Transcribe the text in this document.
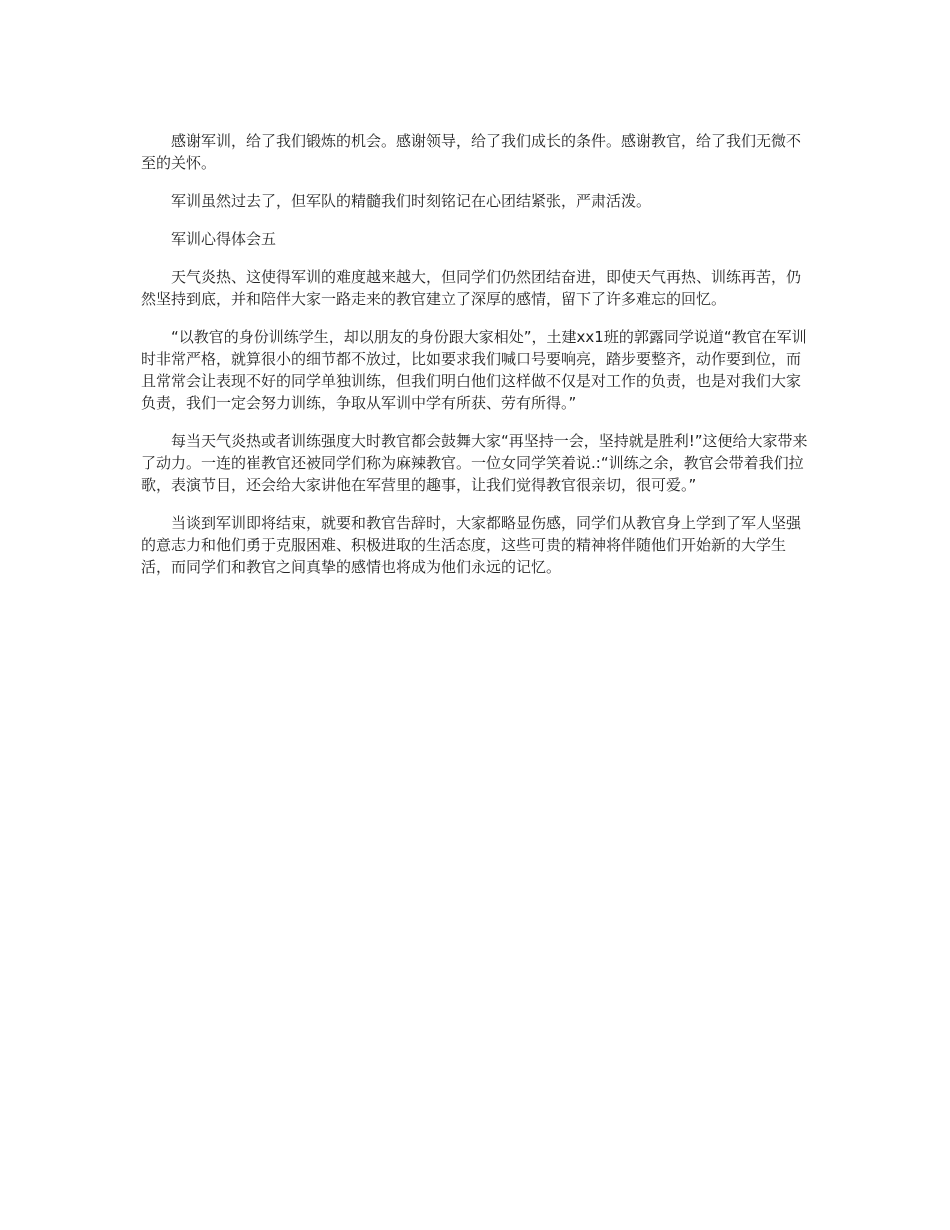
感谢军训，给了我们锻炼的机会。感谢领导，给了我们成长的条件。感谢教官，给了我们无微不至的关怀。

军训虽然过去了，但军队的精髓我们时刻铭记在心团结紧张，严肃活泼。

军训心得体会五

天气炎热、这使得军训的难度越来越大，但同学们仍然团结奋进，即使天气再热、训练再苦，仍然坚持到底，并和陪伴大家一路走来的教官建立了深厚的感情，留下了许多难忘的回忆。

“以教官的身份训练学生，却以朋友的身份跟大家相处”，土建xx1班的郭露同学说道“教官在军训时非常严格，就算很小的细节都不放过，比如要求我们喊口号要响亮，踏步要整齐，动作要到位，而且常常会让表现不好的同学单独训练，但我们明白他们这样做不仅是对工作的负责，也是对我们大家负责，我们一定会努力训练，争取从军训中学有所获、劳有所得。”

每当天气炎热或者训练强度大时教官都会鼓舞大家“再坚持一会，坚持就是胜利!”这便给大家带来了动力。一连的崔教官还被同学们称为麻辣教官。一位女同学笑着说.:“训练之余，教官会带着我们拉歌，表演节目，还会给大家讲他在军营里的趣事，让我们觉得教官很亲切，很可爱。”

当谈到军训即将结束，就要和教官告辞时，大家都略显伤感，同学们从教官身上学到了军人坚强的意志力和他们勇于克服困难、积极进取的生活态度，这些可贵的精神将伴随他们开始新的大学生活，而同学们和教官之间真挚的感情也将成为他们永远的记忆。
